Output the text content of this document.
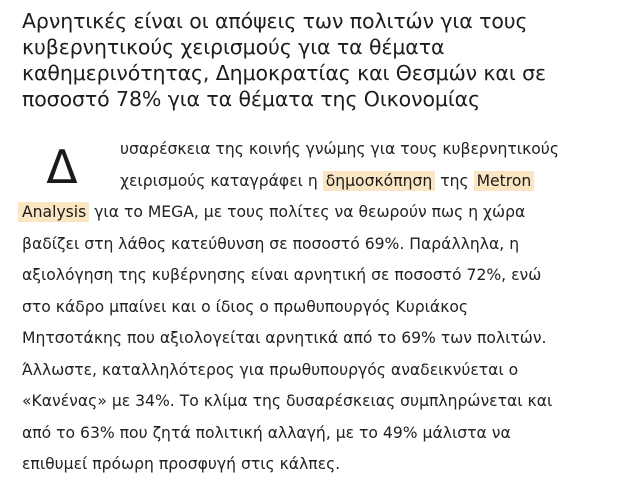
Αρνητικές είναι οι απόψεις των πολιτών για τους
κυβερνητικούς χειρισμούς για τα θέματα
καθημερινότητας, Δημοκρατίας και Θεσμών και σε
ποσοστό 78% για τα θέματα της Οικονομίας
Δ	υσαρέσκεια της κοινής γνώμης για τους κυβερνητικούς
χειρισμούς καταγράφει η δημοσκόπηση της Metron
Analysis για το MEGA, με τους πολίτες να θεωρούν πως η χώρα
βαδίζει στη λάθος κατεύθυνση σε ποσοστό 69%. Παράλληλα, η
αξιολόγηση της κυβέρνησης είναι αρνητική σε ποσοστό 72%, ενώ
στο κάδρο μπαίνει και ο ίδιος ο πρωθυπουργός Κυριάκος
Μητσοτάκης που αξιολογείται αρνητικά από το 69% των πολιτών.
Άλλωστε, καταλληλότερος για πρωθυπουργός αναδεικνύεται ο
«Κανένας» με 34%. Το κλίμα της δυσαρέσκειας συμπληρώνεται και
από το 63% που ζητά πολιτική αλλαγή, με το 49% μάλιστα να
επιθυμεί πρόωρη προσφυγή στις κάλπες.
